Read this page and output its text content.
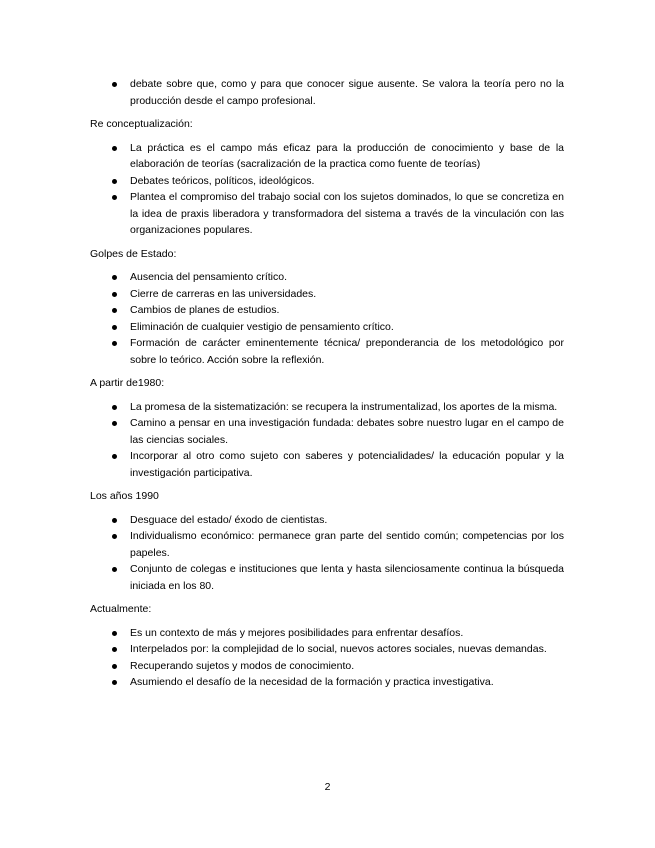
debate sobre que, como y para que conocer sigue ausente. Se valora la teoría pero no la producción desde el campo profesional.

Re conceptualización:

La práctica es el campo más eficaz para la producción de conocimiento y base de la elaboración de teorías (sacralización de la practica como fuente de teorías)
Debates teóricos, políticos, ideológicos.
Plantea el compromiso del trabajo social con los sujetos dominados, lo que se concretiza en la idea de praxis liberadora y transformadora del sistema a través de la vinculación con las organizaciones populares.

Golpes de Estado:

Ausencia del pensamiento crítico.
Cierre de carreras en las universidades.
Cambios de planes de estudios.
Eliminación de cualquier vestigio de pensamiento crítico.
Formación de carácter eminentemente técnica/ preponderancia de los metodológico por sobre lo teórico. Acción sobre la reflexión.

A partir de1980:

La promesa de la sistematización: se recupera la instrumentalizad, los aportes de la misma.
Camino a pensar en una investigación fundada: debates sobre nuestro lugar en el campo de las ciencias sociales.
Incorporar al otro como sujeto con saberes y potencialidades/ la educación popular y la investigación participativa.

Los años 1990

Desguace del estado/ éxodo de cientistas.
Individualismo económico: permanece gran parte del sentido común; competencias por los papeles.
Conjunto de colegas e instituciones que lenta y hasta silenciosamente continua la búsqueda iniciada en los 80.

Actualmente:

Es un contexto de más y mejores posibilidades para enfrentar desafíos.
Interpelados por: la complejidad de lo social, nuevos actores sociales, nuevas demandas.
Recuperando sujetos y modos de conocimiento.
Asumiendo el desafío de la necesidad de la formación y practica investigativa.
2
